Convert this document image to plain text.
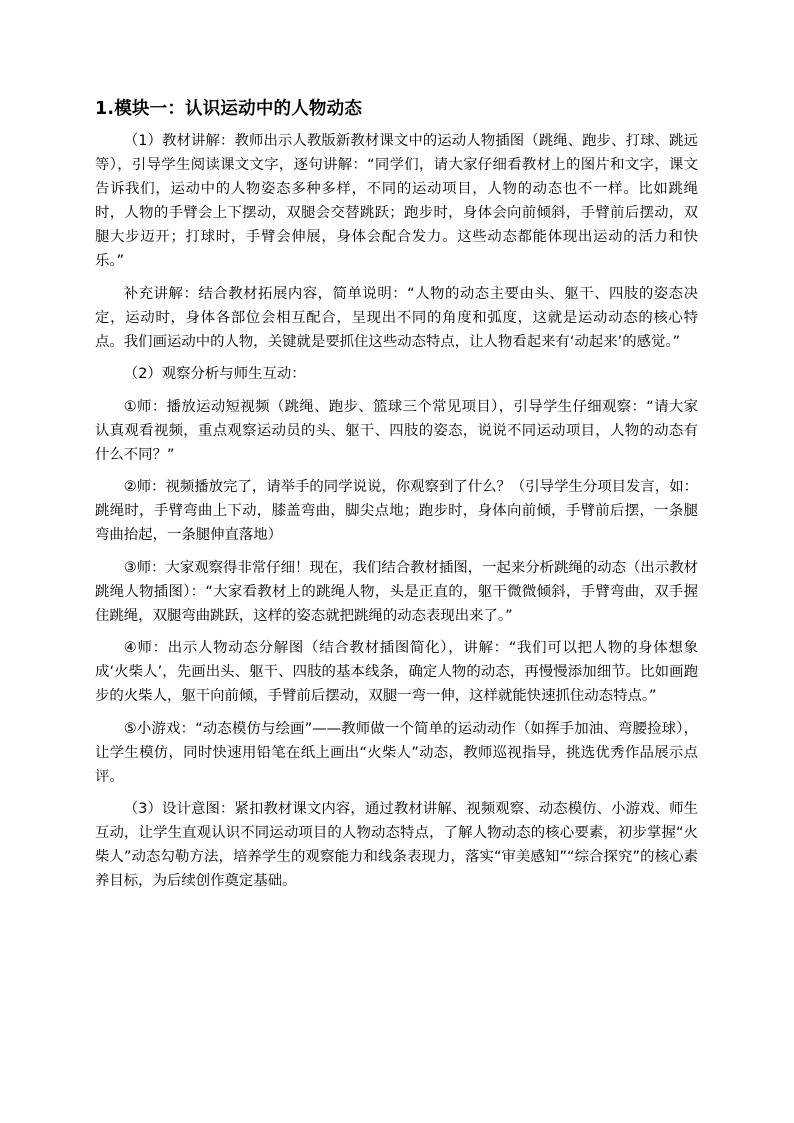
1.模块一：认识运动中的人物动态

（1）教材讲解：教师出示人教版新教材课文中的运动人物插图（跳绳、跑步、打球、跳远等），引导学生阅读课文文字，逐句讲解：“同学们，请大家仔细看教材上的图片和文字，课文告诉我们，运动中的人物姿态多种多样，不同的运动项目，人物的动态也不一样。比如跳绳时，人物的手臂会上下摆动，双腿会交替跳跃；跑步时，身体会向前倾斜，手臂前后摆动，双腿大步迈开；打球时，手臂会伸展，身体会配合发力。这些动态都能体现出运动的活力和快乐。”

补充讲解：结合教材拓展内容，简单说明：“人物的动态主要由头、躯干、四肢的姿态决定，运动时，身体各部位会相互配合，呈现出不同的角度和弧度，这就是运动动态的核心特点。我们画运动中的人物，关键就是要抓住这些动态特点，让人物看起来有‘动起来’的感觉。”

（2）观察分析与师生互动：

①师：播放运动短视频（跳绳、跑步、篮球三个常见项目），引导学生仔细观察：“请大家认真观看视频，重点观察运动员的头、躯干、四肢的姿态，说说不同运动项目，人物的动态有什么不同？”

②师：视频播放完了，请举手的同学说说，你观察到了什么？（引导学生分项目发言，如：跳绳时，手臂弯曲上下动，膝盖弯曲，脚尖点地；跑步时，身体向前倾，手臂前后摆，一条腿弯曲抬起，一条腿伸直落地）

③师：大家观察得非常仔细！现在，我们结合教材插图，一起来分析跳绳的动态（出示教材跳绳人物插图）：“大家看教材上的跳绳人物，头是正直的，躯干微微倾斜，手臂弯曲，双手握住跳绳，双腿弯曲跳跃，这样的姿态就把跳绳的动态表现出来了。”

④师：出示人物动态分解图（结合教材插图简化），讲解：“我们可以把人物的身体想象成‘火柴人’，先画出头、躯干、四肢的基本线条，确定人物的动态，再慢慢添加细节。比如画跑步的火柴人，躯干向前倾，手臂前后摆动，双腿一弯一伸，这样就能快速抓住动态特点。”

⑤小游戏：“动态模仿与绘画”——教师做一个简单的运动动作（如挥手加油、弯腰捡球），让学生模仿，同时快速用铅笔在纸上画出“火柴人”动态，教师巡视指导，挑选优秀作品展示点评。

（3）设计意图：紧扣教材课文内容，通过教材讲解、视频观察、动态模仿、小游戏、师生互动，让学生直观认识不同运动项目的人物动态特点，了解人物动态的核心要素，初步掌握“火柴人”动态勾勒方法，培养学生的观察能力和线条表现力，落实“审美感知”“综合探究”的核心素养目标，为后续创作奠定基础。
